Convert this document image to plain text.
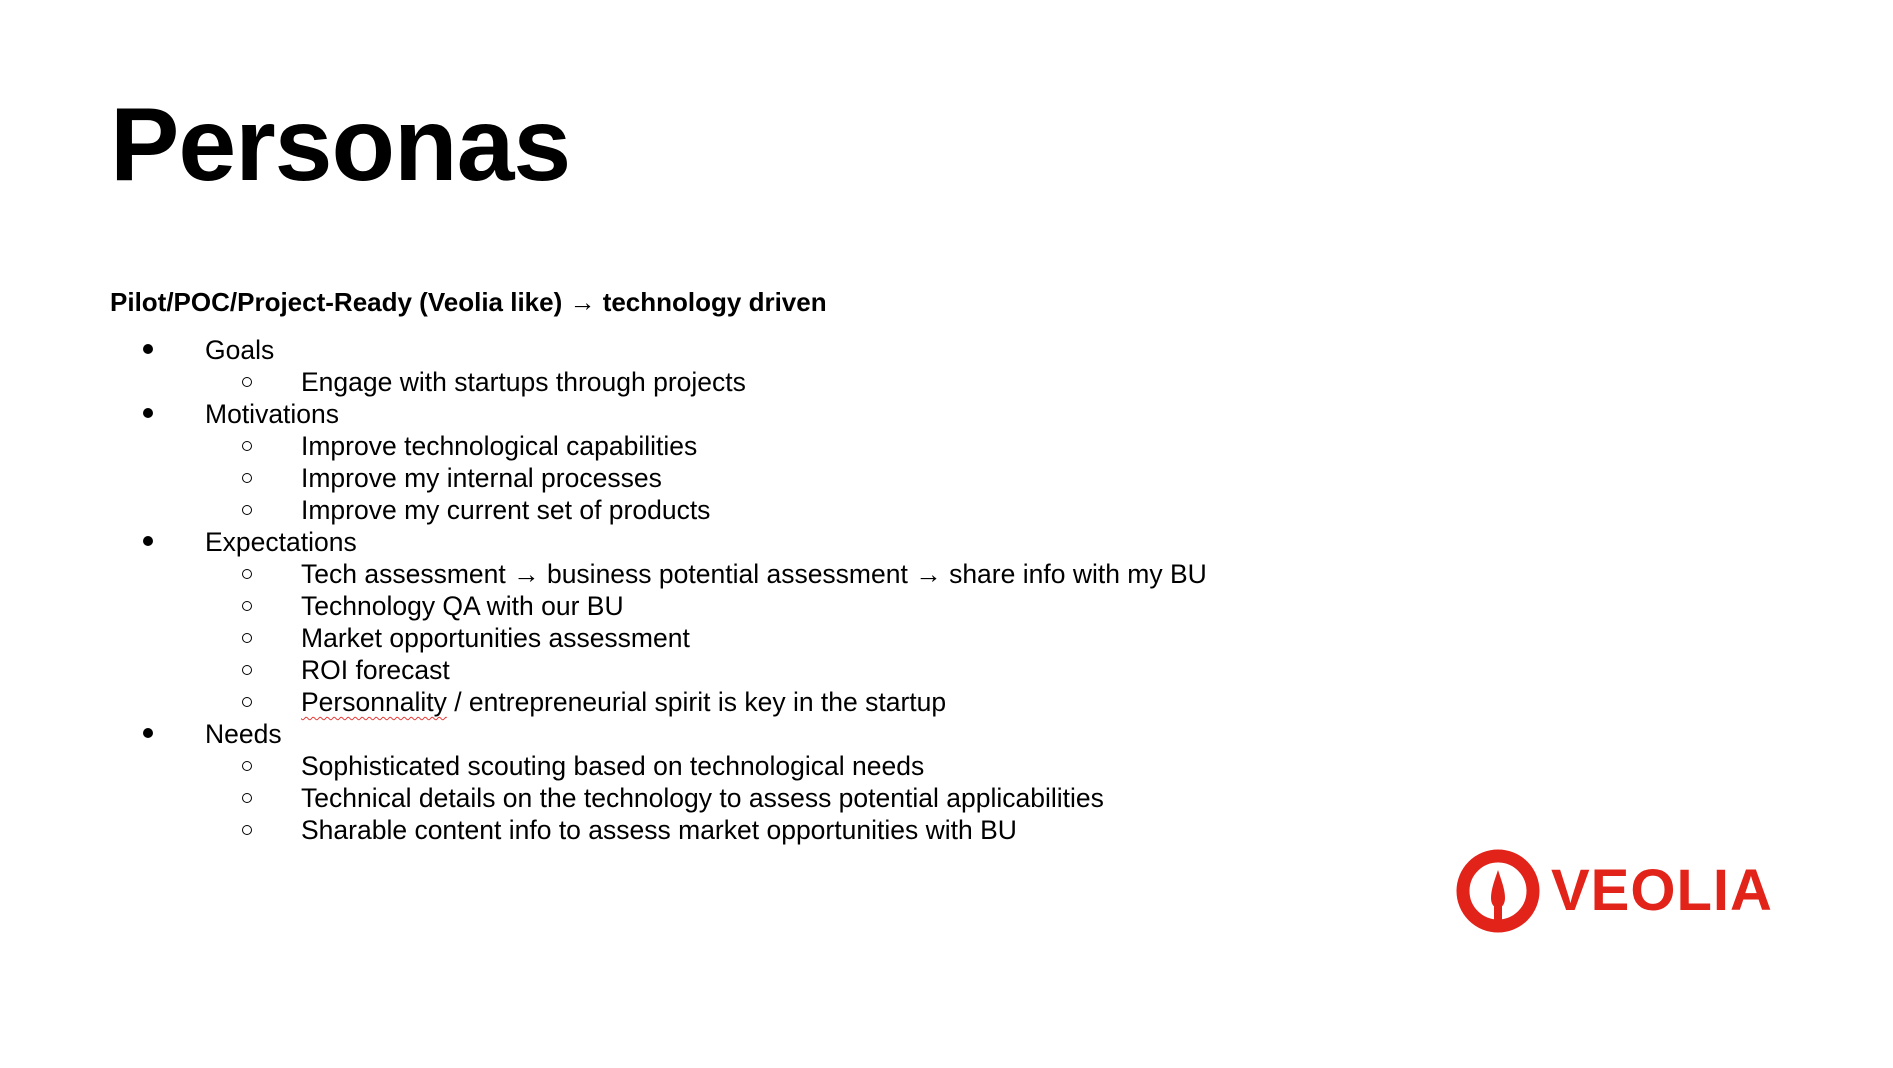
Personas

Pilot/POC/Project-Ready (Veolia like) → technology driven

Goals
Engage with startups through projects
Motivations
Improve technological capabilities
Improve my internal processes
Improve my current set of products
Expectations
Tech assessment → business potential assessment → share info with my BU
Technology QA with our BU
Market opportunities assessment
ROI forecast
Personnality / entrepreneurial spirit is key in the startup
Needs
Sophisticated scouting based on technological needs
Technical details on the technology to assess potential applicabilities
Sharable content info to assess market opportunities with BU
VEOLIA
